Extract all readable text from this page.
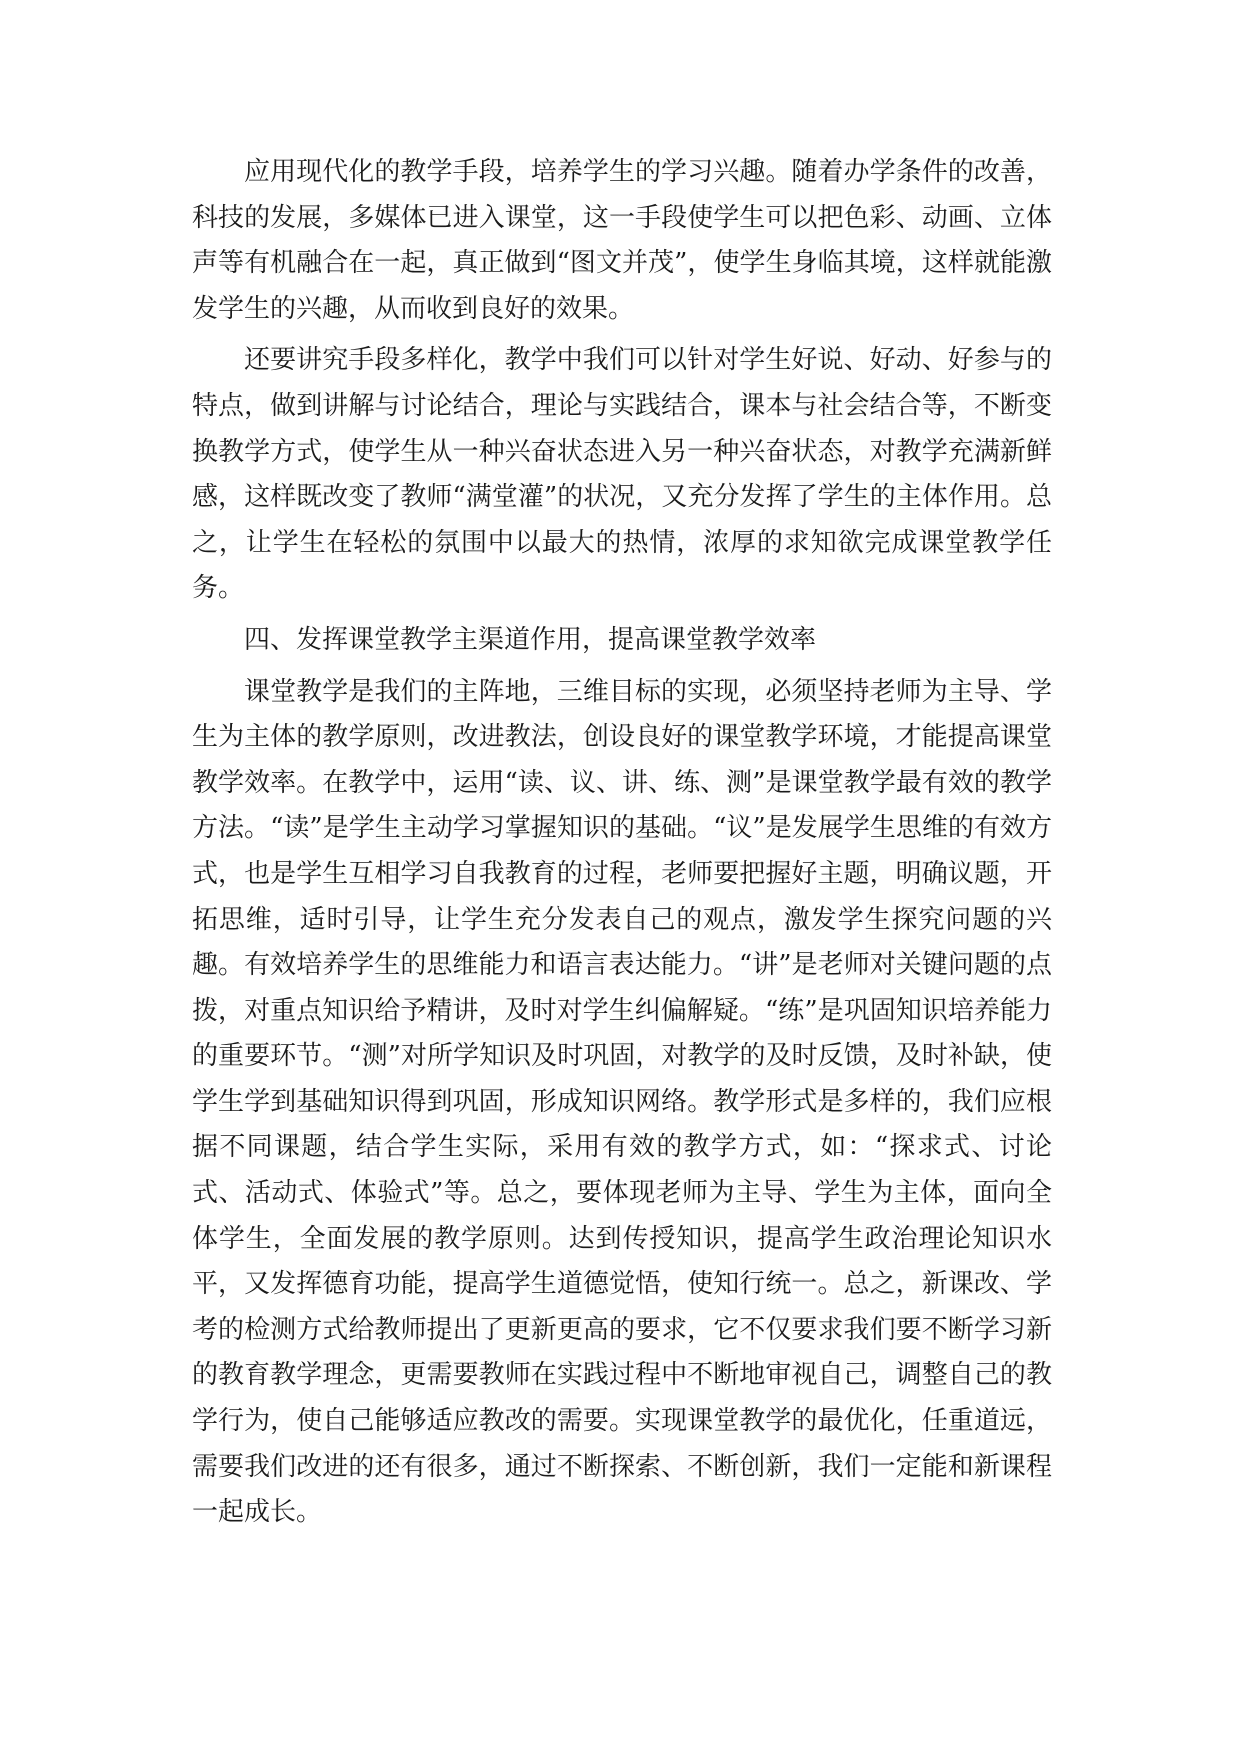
应用现代化的教学手段，培养学生的学习兴趣。随着办学条件的改善，科技的发展，多媒体已进入课堂，这一手段使学生可以把色彩、动画、立体声等有机融合在一起，真正做到“图文并茂”，使学生身临其境，这样就能激发学生的兴趣，从而收到良好的效果。

还要讲究手段多样化，教学中我们可以针对学生好说、好动、好参与的特点，做到讲解与讨论结合，理论与实践结合，课本与社会结合等，不断变换教学方式，使学生从一种兴奋状态进入另一种兴奋状态，对教学充满新鲜感，这样既改变了教师“满堂灌”的状况，又充分发挥了学生的主体作用。总之，让学生在轻松的氛围中以最大的热情，浓厚的求知欲完成课堂教学任务。

四、发挥课堂教学主渠道作用，提高课堂教学效率

课堂教学是我们的主阵地，三维目标的实现，必须坚持老师为主导、学生为主体的教学原则，改进教法，创设良好的课堂教学环境，才能提高课堂教学效率。在教学中，运用“读、议、讲、练、测”是课堂教学最有效的教学方法。“读”是学生主动学习掌握知识的基础。“议”是发展学生思维的有效方式，也是学生互相学习自我教育的过程，老师要把握好主题，明确议题，开拓思维，适时引导，让学生充分发表自己的观点，激发学生探究问题的兴趣。有效培养学生的思维能力和语言表达能力。“讲”是老师对关键问题的点拨，对重点知识给予精讲，及时对学生纠偏解疑。“练”是巩固知识培养能力的重要环节。“测”对所学知识及时巩固，对教学的及时反馈，及时补缺，使学生学到基础知识得到巩固，形成知识网络。教学形式是多样的，我们应根据不同课题，结合学生实际，采用有效的教学方式，如：“探求式、讨论式、活动式、体验式”等。总之，要体现老师为主导、学生为主体，面向全体学生，全面发展的教学原则。达到传授知识，提高学生政治理论知识水平，又发挥德育功能，提高学生道德觉悟，使知行统一。总之，新课改、学考的检测方式给教师提出了更新更高的要求，它不仅要求我们要不断学习新的教育教学理念，更需要教师在实践过程中不断地审视自己，调整自己的教学行为，使自己能够适应教改的需要。实现课堂教学的最优化，任重道远，需要我们改进的还有很多，通过不断探索、不断创新，我们一定能和新课程一起成长。
